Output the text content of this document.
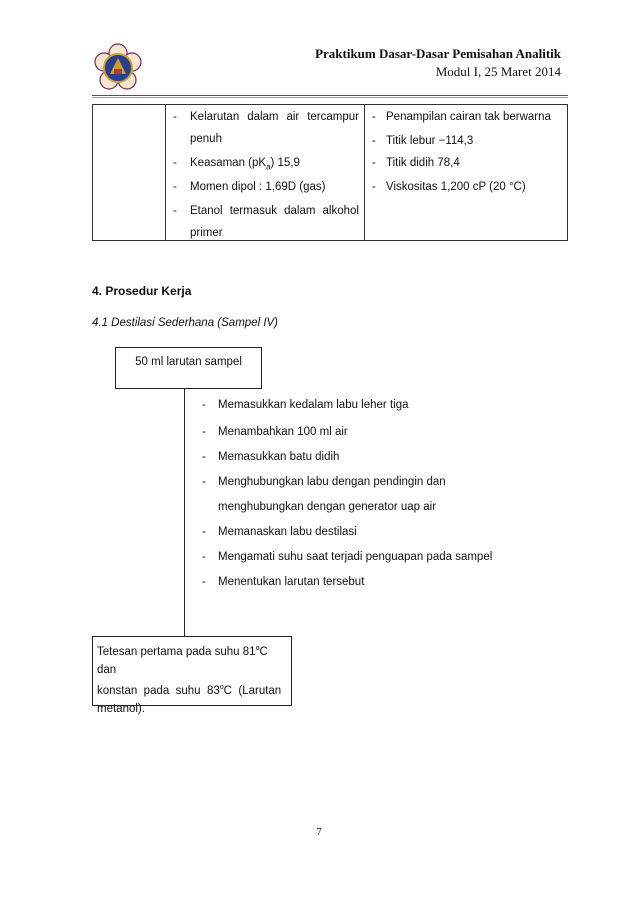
Praktikum Dasar-Dasar Pemisahan Analitik
Modul I, 25 Maret 2014
- Kelarutan dalam air tercampur
penuh
- Keasaman $(pK_a)$ 15,9
- Momen dipol : 1,69D (gas)
- Etanol termasuk dalam alkohol
primer
- Penampilan cairan tak berwarna
- Titik lebur −114,3
- Titik didih 78,4
- Viskositas 1,200 cP (20 °C)
4. Prosedur Kerja
4.1 Destilasi Sederhana (Sampel IV)
50 ml larutan sampel
- Memasukkan kedalam labu leher tiga
- Menambahkan 100 ml air
- Memasukkan batu didih
- Menghubungkan labu dengan pendingin dan
menghubungkan dengan generator uap air
- Memanaskan labu destilasi
- Mengamati suhu saat terjadi penguapan pada sampel
- Menentukan larutan tersebut
Tetesan pertama pada suhu 81$^o$C dan
konstan  pada  suhu  83$^o$C  (Larutan
metanol).
7
